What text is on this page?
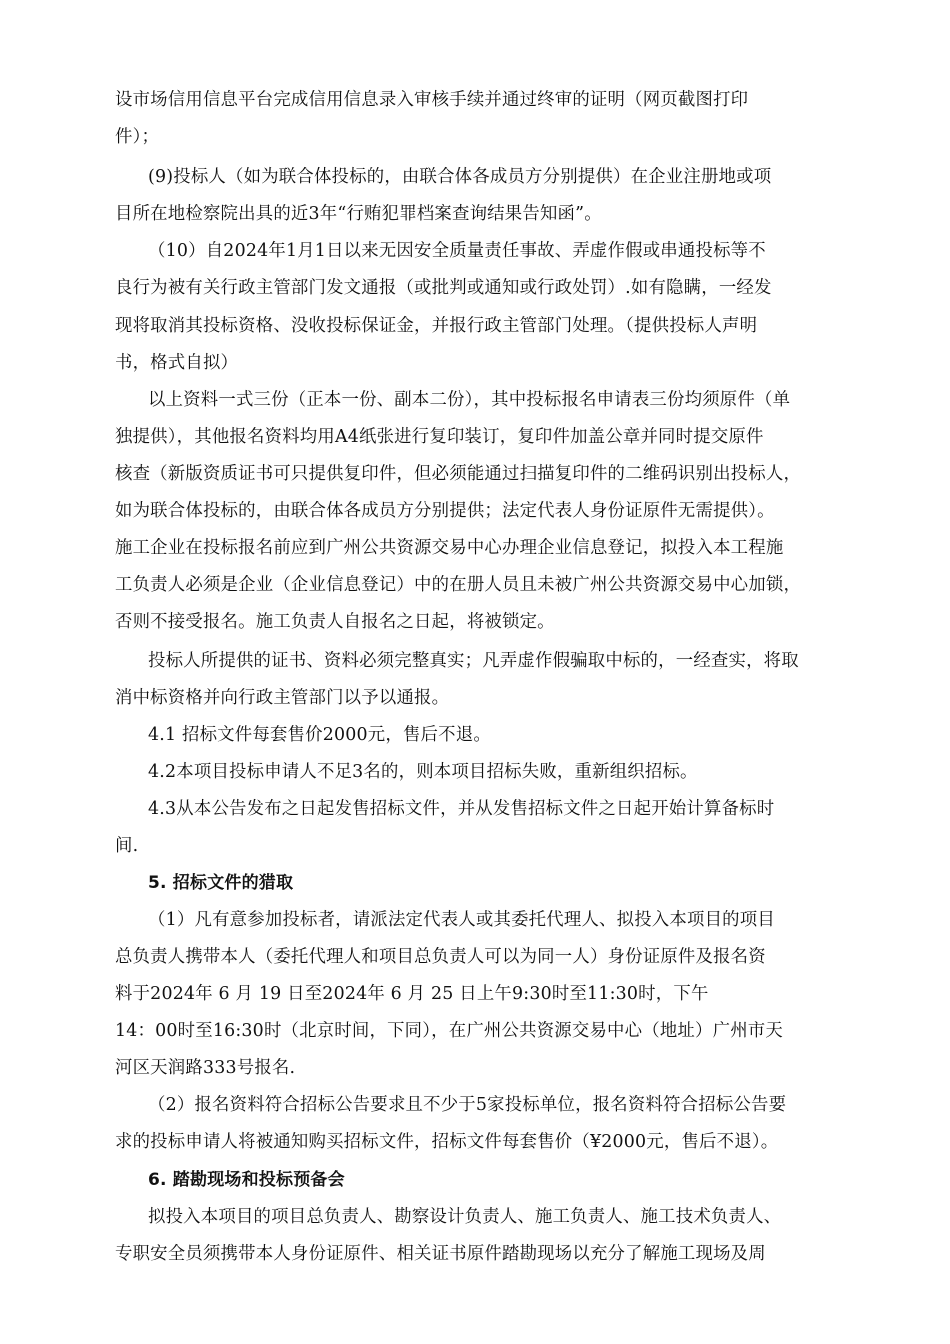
设市场信用信息平台完成信用信息录入审核手续并通过终审的证明（网页截图打印
件）；
(9)投标人（如为联合体投标的，由联合体各成员方分别提供）在企业注册地或项
目所在地检察院出具的近3年“行贿犯罪档案查询结果告知函”。
（10）自2024年1月1日以来无因安全质量责任事故、弄虚作假或串通投标等不
良行为被有关行政主管部门发文通报（或批判或通知或行政处罚）.如有隐瞒，一经发
现将取消其投标资格、没收投标保证金，并报行政主管部门处理。（提供投标人声明
书，格式自拟）
以上资料一式三份（正本一份、副本二份），其中投标报名申请表三份均须原件（单
独提供），其他报名资料均用A4纸张进行复印装订，复印件加盖公章并同时提交原件
核查（新版资质证书可只提供复印件，但必须能通过扫描复印件的二维码识别出投标人，
如为联合体投标的，由联合体各成员方分别提供；法定代表人身份证原件无需提供）。
施工企业在投标报名前应到广州公共资源交易中心办理企业信息登记，拟投入本工程施
工负责人必须是企业（企业信息登记）中的在册人员且未被广州公共资源交易中心加锁，
否则不接受报名。施工负责人自报名之日起，将被锁定。
投标人所提供的证书、资料必须完整真实；凡弄虚作假骗取中标的，一经查实，将取
消中标资格并向行政主管部门以予以通报。
4.1 招标文件每套售价2000元，售后不退。
4.2本项目投标申请人不足3名的，则本项目招标失败，重新组织招标。
4.3从本公告发布之日起发售招标文件，并从发售招标文件之日起开始计算备标时
间.
5. 招标文件的猎取
（1）凡有意参加投标者，请派法定代表人或其委托代理人、拟投入本项目的项目
总负责人携带本人（委托代理人和项目总负责人可以为同一人）身份证原件及报名资
料于2024年 6 月 19 日至2024年 6 月 25 日上午9:30时至11:30时，下午
14：00时至16:30时（北京时间，下同），在广州公共资源交易中心（地址）广州市天
河区天润路333号报名.
（2）报名资料符合招标公告要求且不少于5家投标单位，报名资料符合招标公告要
求的投标申请人将被通知购买招标文件，招标文件每套售价（¥2000元，售后不退）。
6. 踏勘现场和投标预备会
拟投入本项目的项目总负责人、勘察设计负责人、施工负责人、施工技术负责人、
专职安全员须携带本人身份证原件、相关证书原件踏勘现场以充分了解施工现场及周
